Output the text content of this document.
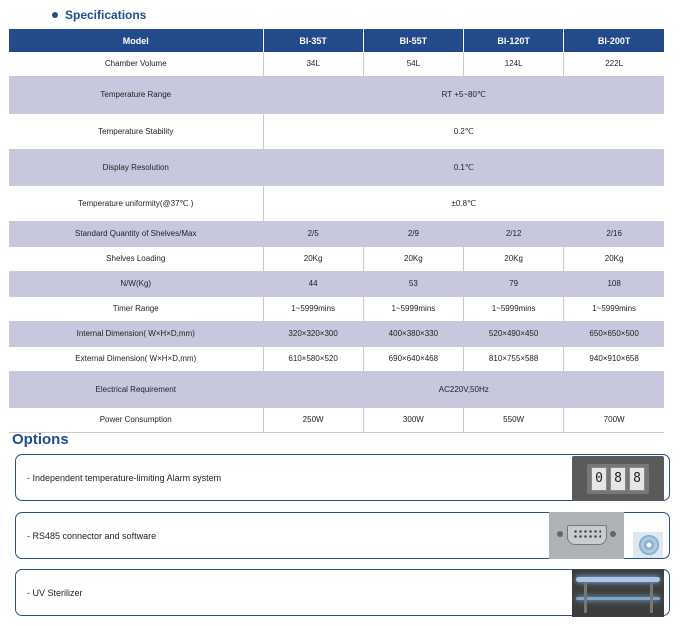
Specifications
Model	BI-35T	BI-55T	BI-120T	BI-200T
Chamber Volume	34L	54L	124L	222L
Temperature Range	RT +5~80℃			
Temperature Stability	0.2℃			
Display Resolution	0.1℃			
Temperature uniformity(@37℃ )	±0.8℃			
Standard Quantity of Shelves/Max	2/5	2/9	2/12	2/16
Shelves Loading	20Kg	20Kg	20Kg	20Kg
N/W(Kg)	44	53	79	108
Timer Range	1~5999mins	1~5999mins	1~5999mins	1~5999mins
Internal Dimension( W×H×D,mm)	320×320×300	400×380×330	520×490×450	650×650×500
External Dimension( W×H×D,mm)	610×580×520	690×640×468	810×755×588	940×910×658
Electrical Requirement	AC220V,50Hz			
Power Consumption	250W	300W	550W	700W
Options
- Independent temperature-limiting Alarm system	0 8 8
- RS485 connector and software
- UV Sterilizer
